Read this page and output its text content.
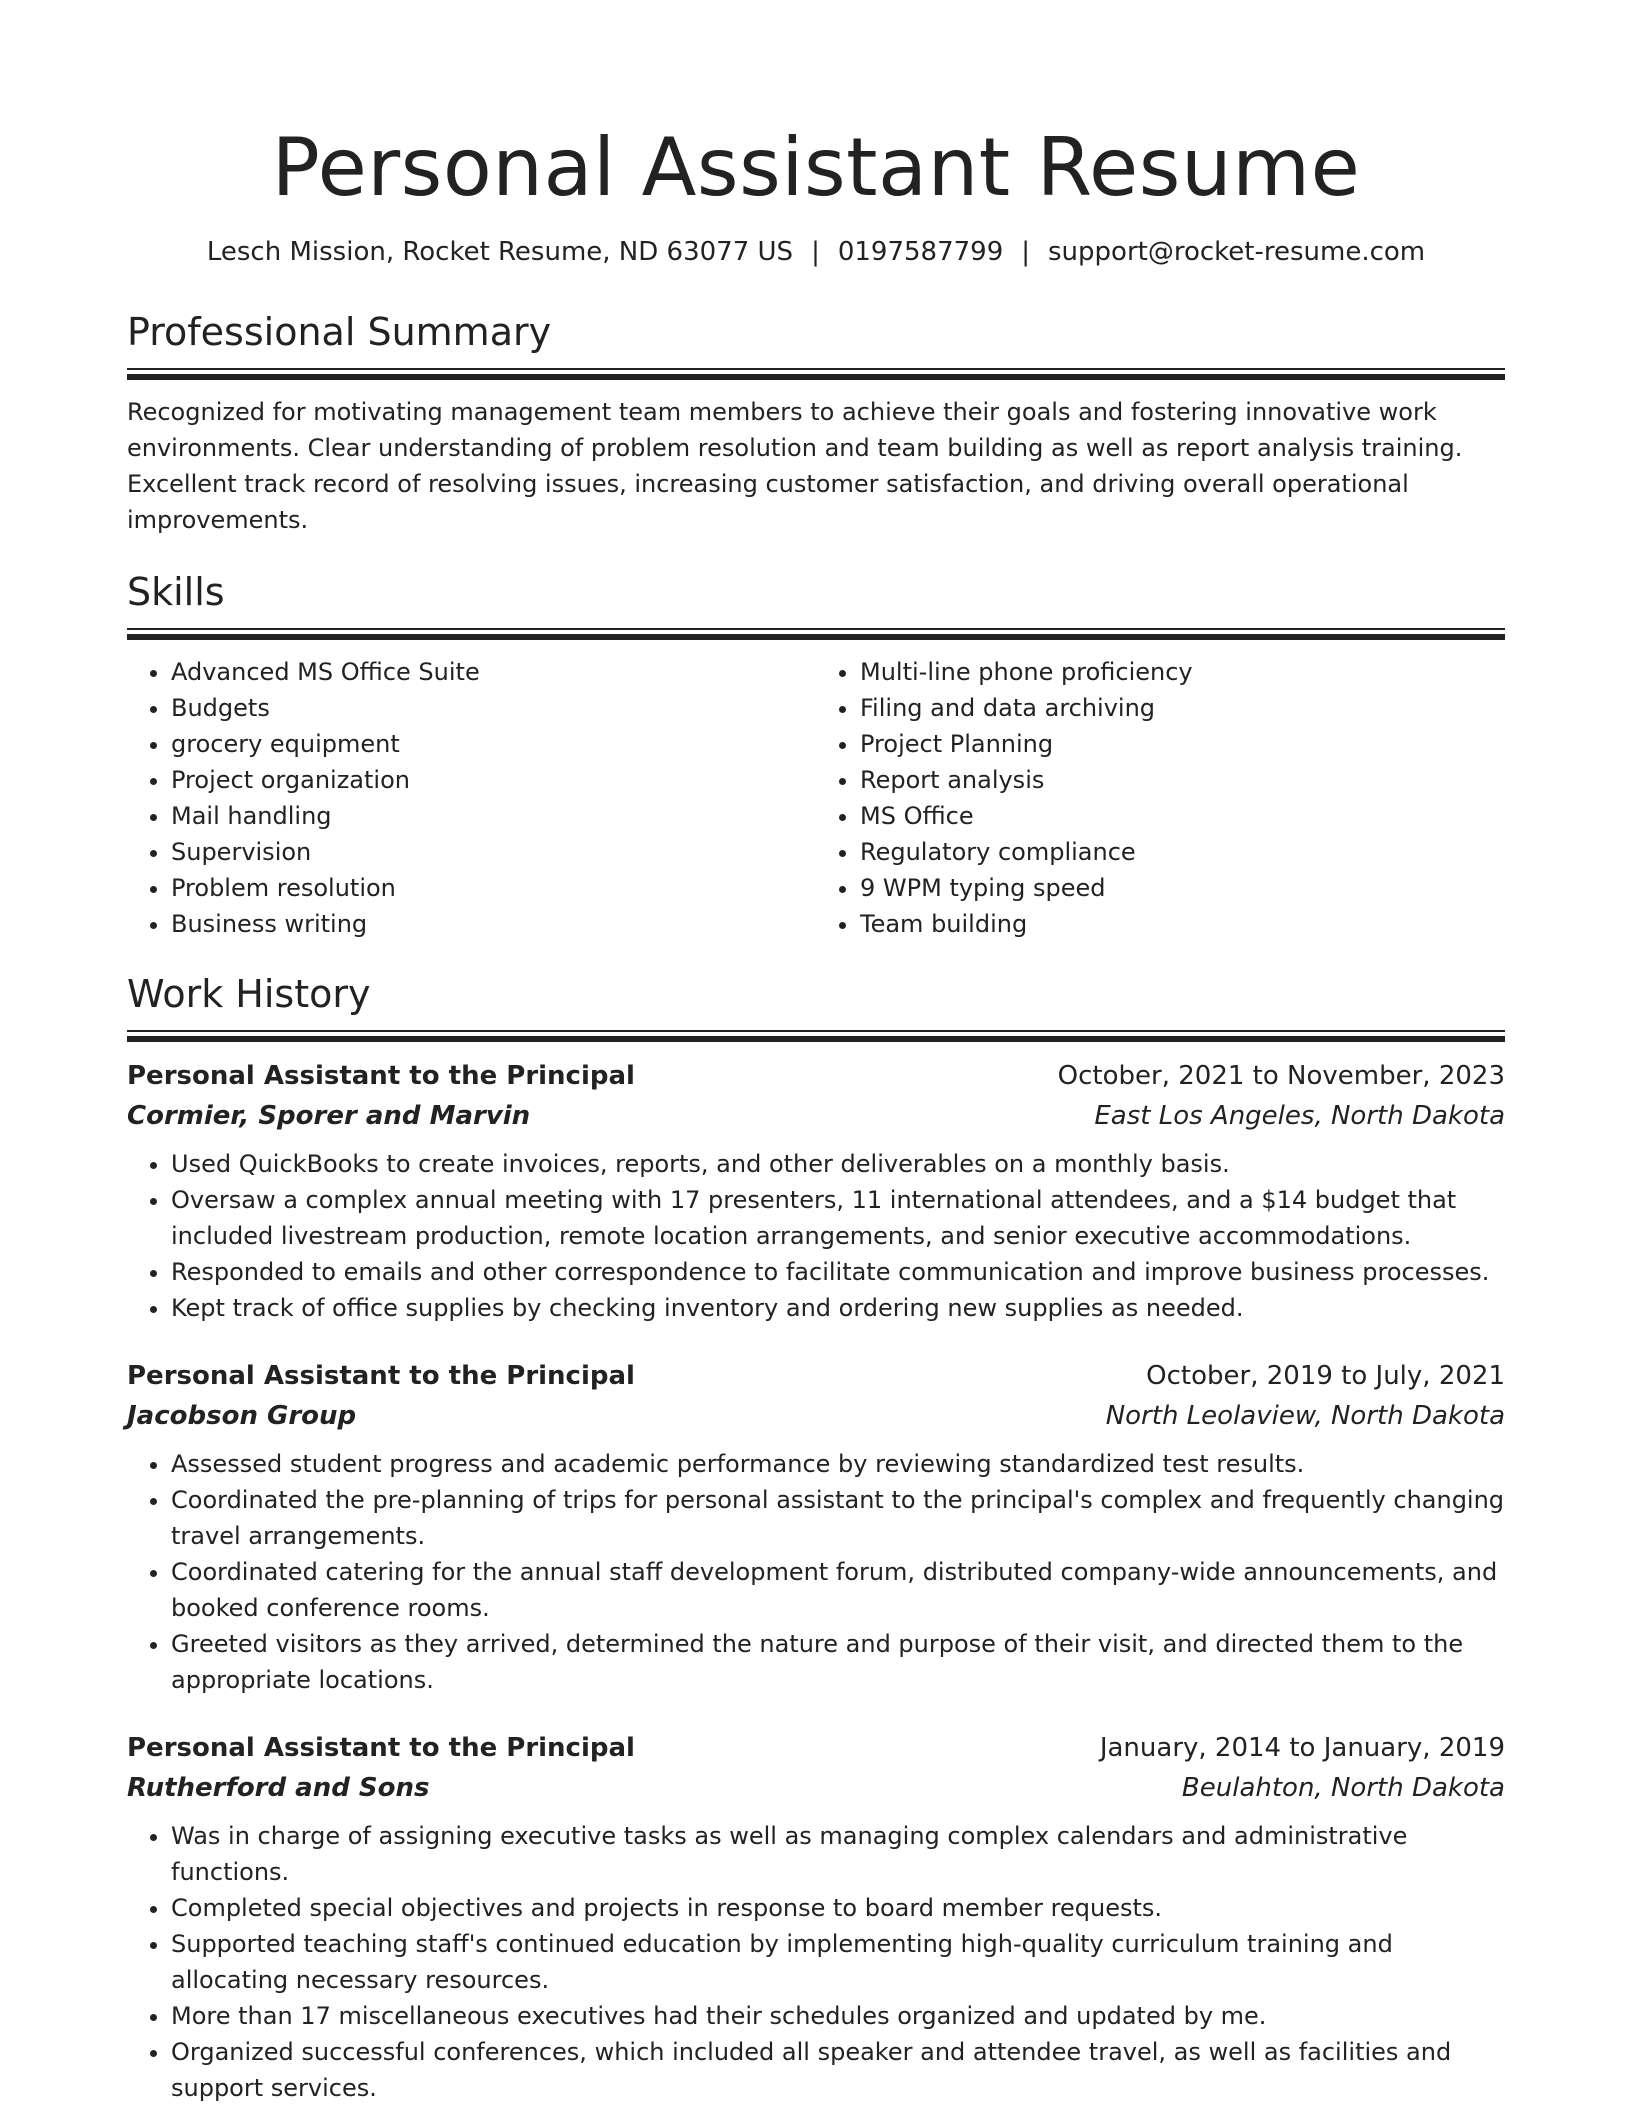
Personal Assistant Resume
Lesch Mission, Rocket Resume, ND 63077 US | 0197587799 | support@rocket-resume.com
Professional Summary

Recognized for motivating management team members to achieve their goals and fostering innovative work environments. Clear understanding of problem resolution and team building as well as report analysis training. Excellent track record of resolving issues, increasing customer satisfaction, and driving overall operational improvements.

Skills
• Advanced MS Office Suite
• Budgets
• grocery equipment
• Project organization
• Mail handling
• Supervision
• Problem resolution
• Business writing
• Multi-line phone proficiency
• Filing and data archiving
• Project Planning
• Report analysis
• MS Office
• Regulatory compliance
• 9 WPM typing speed
• Team building
Work History
Personal Assistant to the Principal	October, 2021 to November, 2023
Cormier, Sporer and Marvin	East Los Angeles, North Dakota
• Used QuickBooks to create invoices, reports, and other deliverables on a monthly basis.
• Oversaw a complex annual meeting with 17 presenters, 11 international attendees, and a $14 budget that included livestream production, remote location arrangements, and senior executive accommodations.
• Responded to emails and other correspondence to facilitate communication and improve business processes.
• Kept track of office supplies by checking inventory and ordering new supplies as needed.
Personal Assistant to the Principal	October, 2019 to July, 2021
Jacobson Group	North Leolaview, North Dakota
• Assessed student progress and academic performance by reviewing standardized test results.
• Coordinated the pre-planning of trips for personal assistant to the principal's complex and frequently changing travel arrangements.
• Coordinated catering for the annual staff development forum, distributed company-wide announcements, and booked conference rooms.
• Greeted visitors as they arrived, determined the nature and purpose of their visit, and directed them to the appropriate locations.
Personal Assistant to the Principal	January, 2014 to January, 2019
Rutherford and Sons	Beulahton, North Dakota
• Was in charge of assigning executive tasks as well as managing complex calendars and administrative functions.
• Completed special objectives and projects in response to board member requests.
• Supported teaching staff's continued education by implementing high-quality curriculum training and allocating necessary resources.
• More than 17 miscellaneous executives had their schedules organized and updated by me.
• Organized successful conferences, which included all speaker and attendee travel, as well as facilities and support services.
